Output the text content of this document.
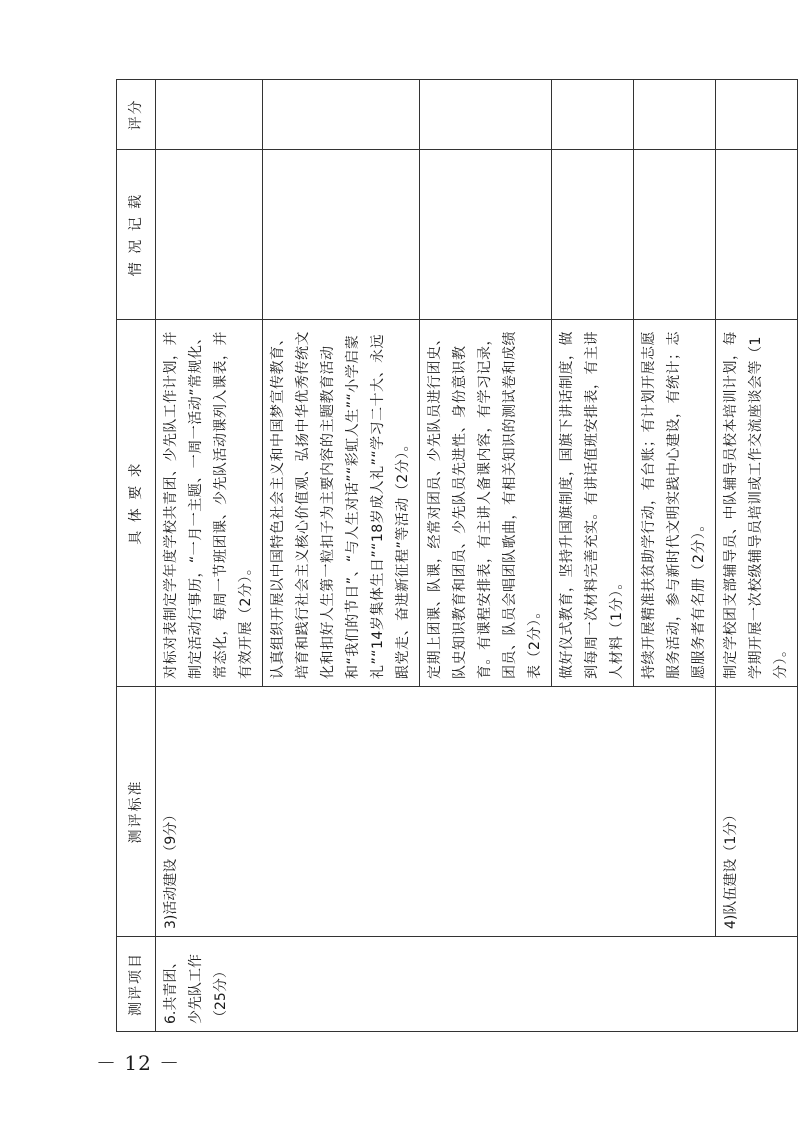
－ 12 －
测评项目	测评标准	具 体 要 求	情 况 记 载	评分

6.共青团、少先队工作 （25分）	3)活动建设（9分）	对标对表制定学年度学校共青团、少先队工作计划，并制定活动行事历，“一月一主题、一周一活动”常规化、常态化，每周一节班团课、少先队活动课列入课表，并有效开展（2分）。		
		认真组织开展以中国特色社会主义和中国梦宣传教育、培育和践行社会主义核心价值观、弘扬中华优秀传统文化和扣好人生第一粒扣子为主要内容的主题教育活动和“我们的节日”、“与人生对话”“彩虹人生”“小学启蒙礼”“14岁集体生日”“18岁成人礼”“学习二十大、永远跟党走、奋进新征程”等活动（2分）。		
		定期上团课、队课，经常对团员、少先队员进行团史、队史知识教育和团员、少先队员先进性、身份意识教育。有课程安排表，有主讲人备课内容，有学习记录，团员、队员会唱团队歌曲，有相关知识的测试卷和成绩表（2分）。		
		做好仪式教育，坚持升国旗制度，国旗下讲话制度，做到每周一次材料完善充实。有讲话值班安排表，有主讲人材料（1分）。		
		持续开展精准扶贫助学行动，有台账；有计划开展志愿服务活动，参与新时代文明实践中心建设，有统计；志愿服务者有名册（2分）。		
	4)队伍建设（1分）	制定学校团支部辅导员、中队辅导员校本培训计划，每学期开展一次校级辅导员培训或工作交流座谈会等（1分）。		
